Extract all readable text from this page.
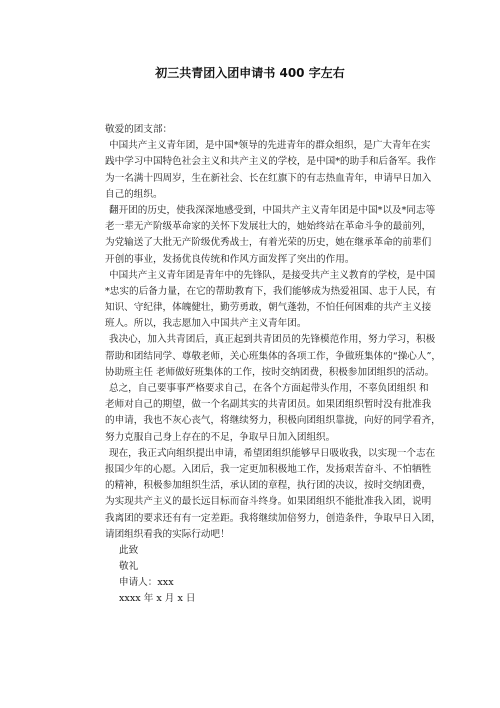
初三共青团入团申请书 400 字左右
敬爱的团支部：
中国共产主义青年团，是中国*领导的先进青年的群众组织，是广大青年在实
践中学习中国特色社会主义和共产主义的学校，是中国*的助手和后备军。我作
为一名满十四周岁，生在新社会、长在红旗下的有志热血青年，申请早日加入
自己的组织。
翻开团的历史，使我深深地感受到，中国共产主义青年团是中国*以及*同志等
老一辈无产阶级革命家的关怀下发展壮大的，她始终站在革命斗争的最前列，
为党输送了大批无产阶级优秀战士，有着光荣的历史，她在继承革命的前辈们
开创的事业，发扬优良传统和作风方面发挥了突出的作用。
中国共产主义青年团是青年中的先锋队，是接受共产主义教育的学校，是中国
*忠实的后备力量，在它的帮助教育下，我们能够成为热爱祖国、忠于人民，有
知识、守纪律，体魄健壮，勤劳勇敢，朝气蓬勃，不怕任何困难的共产主义接
班人。所以，我志愿加入中国共产主义青年团。
我决心，加入共青团后，真正起到共青团员的先锋模范作用，努力学习，积极
帮助和团结同学、尊敬老师，关心班集体的各项工作，争做班集体的“操心人”，
协助班主任 老师做好班集体的工作，按时交纳团费，积极参加团组织的活动。
总之，自己要事事严格要求自己，在各个方面起带头作用，不辜负团组织 和
老师对自己的期望，做一个名副其实的共青团员。如果团组织暂时没有批准我
的申请，我也不灰心丧气，将继续努力，积极向团组织靠拢，向好的同学看齐，
努力克服自己身上存在的不足，争取早日加入团组织。
现在，我正式向组织提出申请，希望团组织能够早日吸收我，以实现一个志在
报国少年的心愿。入团后，我一定更加积极地工作，发扬艰苦奋斗、不怕牺牲
的精神，积极参加组织生活，承认团的章程，执行团的决议，按时交纳团费，
为实现共产主义的最长远目标而奋斗终身。如果团组织不能批准我入团，说明
我离团的要求还有有一定差距。我将继续加倍努力，创造条件，争取早日入团，
请团组织看我的实际行动吧！
此致
敬礼
申请人：xxx
xxxx 年 x 月 x 日
